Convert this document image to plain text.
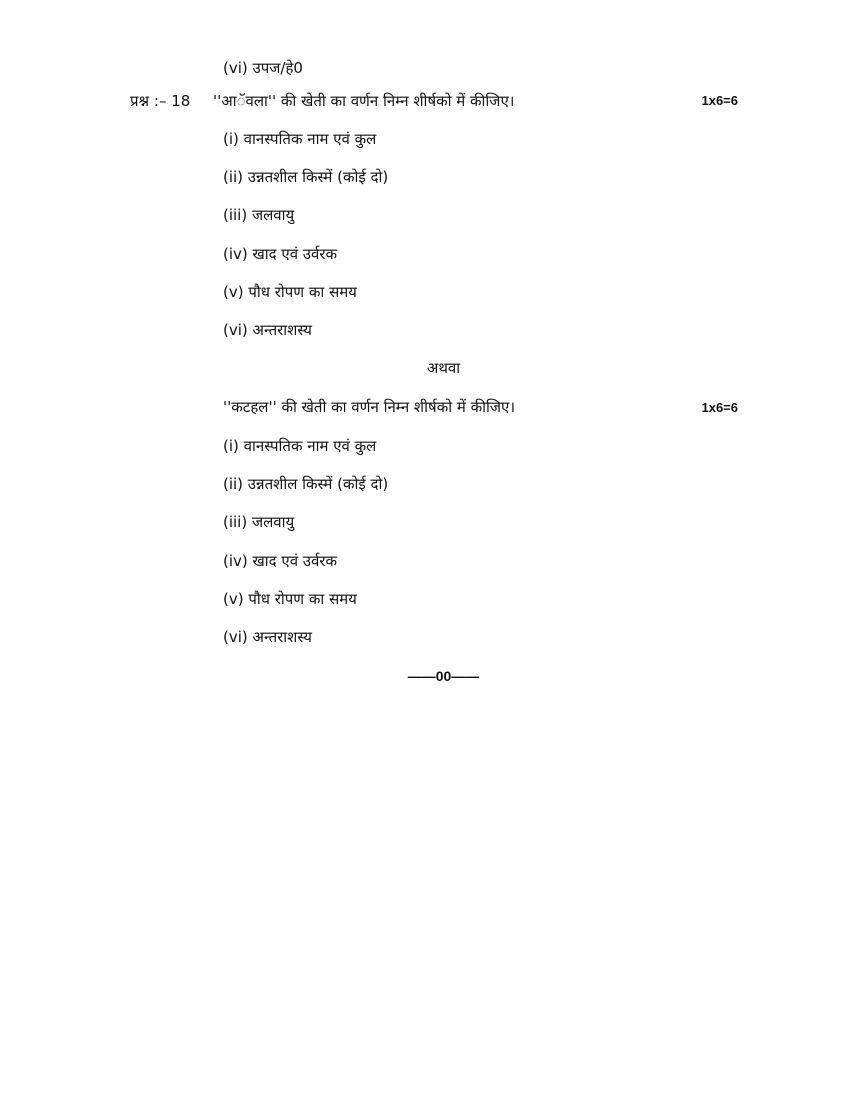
(vi) उपज/हे0
प्रश्न :– 18 ''आॅवला'' की खेती का वर्णन निम्न शीर्षको में कीजिए।	1x6=6
(i) वानस्पतिक नाम एवं कुल
(ii) उन्नतशील किस्में (कोई दो)
(iii) जलवायु
(iv) खाद एवं उर्वरक
(v) पौध रोपण का समय
(vi) अन्तराशस्य
अथवा
''कटहल'' की खेती का वर्णन निम्न शीर्षको में कीजिए।	1x6=6
(i) वानस्पतिक नाम एवं कुल
(ii) उन्नतशील किस्में (कोई दो)
(iii) जलवायु
(iv) खाद एवं उर्वरक
(v) पौध रोपण का समय
(vi) अन्तराशस्य
——00——
